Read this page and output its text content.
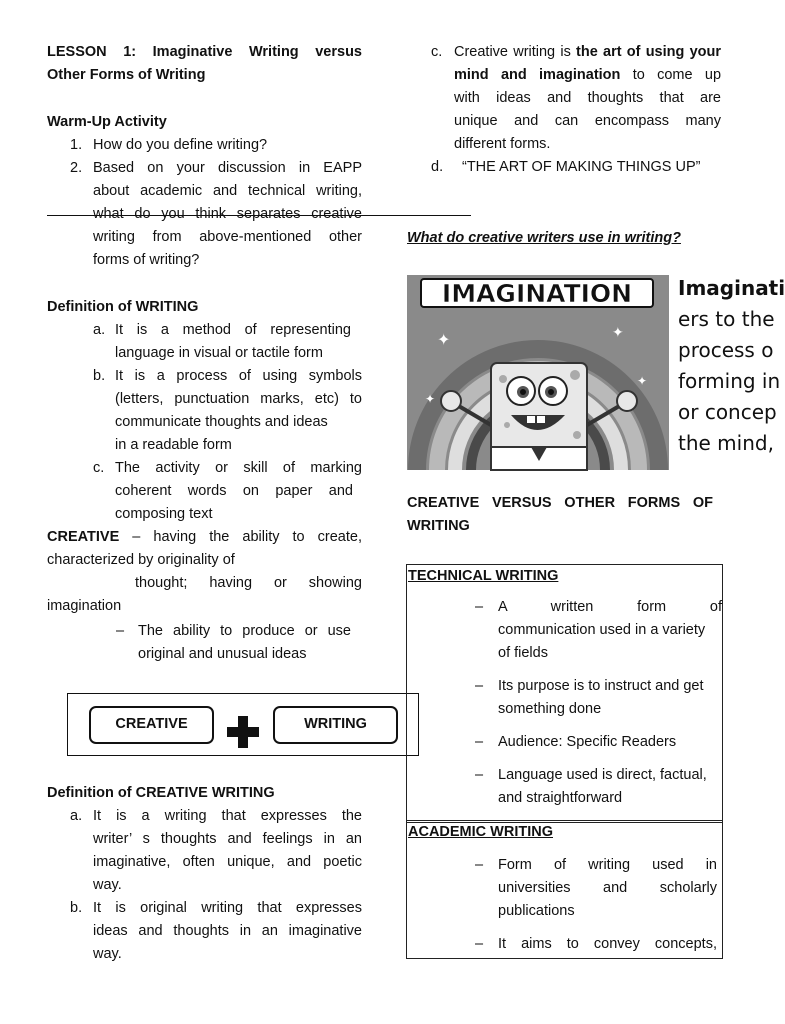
LESSON 1: Imaginative Writing versus
Other Forms of Writing
Warm-Up Activity
1. How do you define writing?
2. Based on your discussion in EAPP
about academic and technical writing,
what do you think separates creative
writing from above-mentioned other
forms of writing?
Definition of WRITING
a. It is a method of representing
language in visual or tactile form
b. It is a process of using symbols
(letters, punctuation marks, etc) to
communicate thoughts and ideas
in a readable form
c. The activity or skill of marking
coherent words on paper and
composing text
CREATIVE – having the ability to create,
characterized by originality of
thought; having or showing
imagination
– The ability to produce or use
original and unusual ideas
CREATIVE	WRITING
Definition of CREATIVE WRITING
a. It is a writing that expresses the
writer’ s thoughts and feelings in an
imaginative, often unique, and poetic
way.
b. It is original writing that expresses
ideas and thoughts in an imaginative
way.
c. Creative writing is the art of using your
mind and imagination to come up
with ideas and thoughts that are
unique and can encompass many
different forms.
d. “THE ART OF MAKING THINGS UP”
What do creative writers use in writing?
✦	✦
✦
✦
IMAGINATION Imaginati
ers to the
process o
forming in
or concep
the mind,
CREATIVE VERSUS OTHER FORMS OF
WRITING
TECHNICAL WRITING
– A written form of
communication used in a variety
of fields
– Its purpose is to instruct and get
something done
– Audience: Specific Readers
– Language used is direct, factual,
and straightforward
ACADEMIC WRITING
– Form of writing used in
universities and scholarly
publications
– It aims to convey concepts,
